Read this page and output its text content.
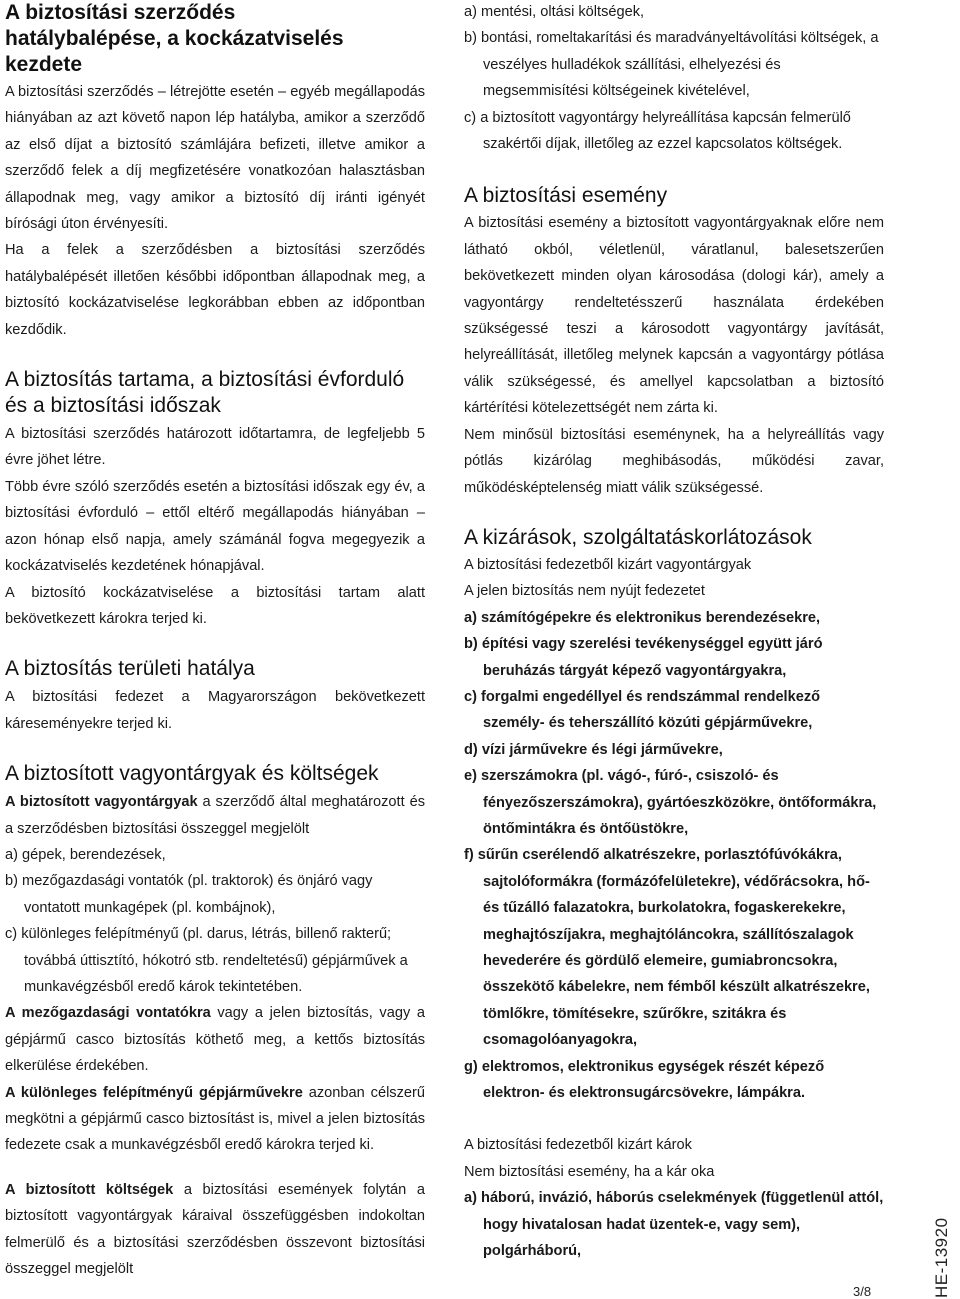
A biztosítási szerződés hatálybalépése, a kockázatviselés kezdete

A biztosítási szerződés – létrejötte esetén – egyéb megállapodás hiányában az azt követő napon lép hatályba, amikor a szerződő az első díjat a biztosító számlájára befizeti, illetve amikor a szerződő felek a díj megfizetésére vonatkozóan halasztásban állapodnak meg, vagy amikor a biztosító díj iránti igényét bírósági úton érvényesíti.

Ha a felek a szerződésben a biztosítási szerződés hatálybalépését illetően későbbi időpontban állapodnak meg, a biztosító kockázatviselése legkorábban ebben az időpontban kezdődik.

A biztosítás tartama, a biztosítási évforduló és a biztosítási időszak

A biztosítási szerződés határozott időtartamra, de legfeljebb 5 évre jöhet létre.

Több évre szóló szerződés esetén a biztosítási időszak egy év, a biztosítási évforduló – ettől eltérő megállapodás hiányában – azon hónap első napja, amely számánál fogva megegyezik a kockázatviselés kezdetének hónapjával.

A biztosító kockázatviselése a biztosítási tartam alatt bekövetkezett károkra terjed ki.

A biztosítás területi hatálya

A biztosítási fedezet a Magyarországon bekövetkezett káreseményekre terjed ki.

A biztosított vagyontárgyak és költségek

A biztosított vagyontárgyak a szerződő által meghatározott és a szerződésben biztosítási összeggel megjelölt

a) gépek, berendezések,
b) mezőgazdasági vontatók (pl. traktorok) és önjáró vagy vontatott munkagépek (pl. kombájnok),
c) különleges felépítményű (pl. darus, létrás, billenő rakterű; továbbá úttisztító, hókotró stb. rendeltetésű) gépjárművek a munkavégzésből eredő károk tekintetében.

A mezőgazdasági vontatókra vagy a jelen biztosítás, vagy a gépjármű casco biztosítás köthető meg, a kettős biztosítás elkerülése érdekében.

A különleges felépítményű gépjárművekre azonban célszerű megkötni a gépjármű casco biztosítást is, mivel a jelen biztosítás fedezete csak a munkavégzésből eredő károkra terjed ki.

A biztosított költségek a biztosítási események folytán a biztosított vagyontárgyak káraival összefüggésben indokoltan felmerülő és a biztosítási szerződésben összevont biztosítási összeggel megjelölt

a) mentési, oltási költségek,
b) bontási, romeltakarítási és maradványeltávolítási költségek, a veszélyes hulladékok szállítási, elhelyezési és megsemmisítési költségeinek kivételével,
c) a biztosított vagyontárgy helyreállítása kapcsán felmerülő szakértői díjak, illetőleg az ezzel kapcsolatos költségek.
A biztosítási esemény

A biztosítási esemény a biztosított vagyontárgyaknak előre nem látható okból, véletlenül, váratlanul, balesetszerűen bekövetkezett minden olyan károsodása (dologi kár), amely a vagyontárgy rendeltetésszerű használata érdekében szükségessé teszi a károsodott vagyontárgy javítását, helyreállítását, illetőleg melynek kapcsán a vagyontárgy pótlása válik szükségessé, és amellyel kapcsolatban a biztosító kártérítési kötelezettségét nem zárta ki.

Nem minősül biztosítási eseménynek, ha a helyreállítás vagy pótlás kizárólag meghibásodás, működési zavar, működésképtelenség miatt válik szükségessé.

A kizárások, szolgáltatáskorlátozások

A biztosítási fedezetből kizárt vagyontárgyak

A jelen biztosítás nem nyújt fedezetet

a) számítógépekre és elektronikus berendezésekre,
b) építési vagy szerelési tevékenységgel együtt járó beruházás tárgyát képező vagyontárgyakra,
c) forgalmi engedéllyel és rendszámmal rendelkező személy- és teherszállító közúti gépjárművekre,
d) vízi járművekre és légi járművekre,
e) szerszámokra (pl. vágó-, fúró-, csiszoló- és fényezőszerszámokra), gyártóeszközökre, öntőformákra, öntőmintákra és öntőüstökre,
f) sűrűn cserélendő alkatrészekre, porlasztófúvókákra, sajtolóformákra (formázófelületekre), védőrácsokra, hő- és tűzálló falazatokra, burkolatokra, fogaskerekekre, meghajtószíjakra, meghajtóláncokra, szállítószalagok hevederére és gördülő elemeire, gumiabroncsokra, összekötő kábelekre, nem fémből készült alkatrészekre, tömlőkre, tömítésekre, szűrőkre, szitákra és csomagolóanyagokra,
g) elektromos, elektronikus egységek részét képező elektron- és elektronsugárcsövekre, lámpákra.

A biztosítási fedezetből kizárt károk

Nem biztosítási esemény, ha a kár oka

a) háború, invázió, háborús cselekmények (függetlenül attól, hogy hivatalosan hadat üzentek-e, vagy sem), polgárháború,
3/8	HE-13920
